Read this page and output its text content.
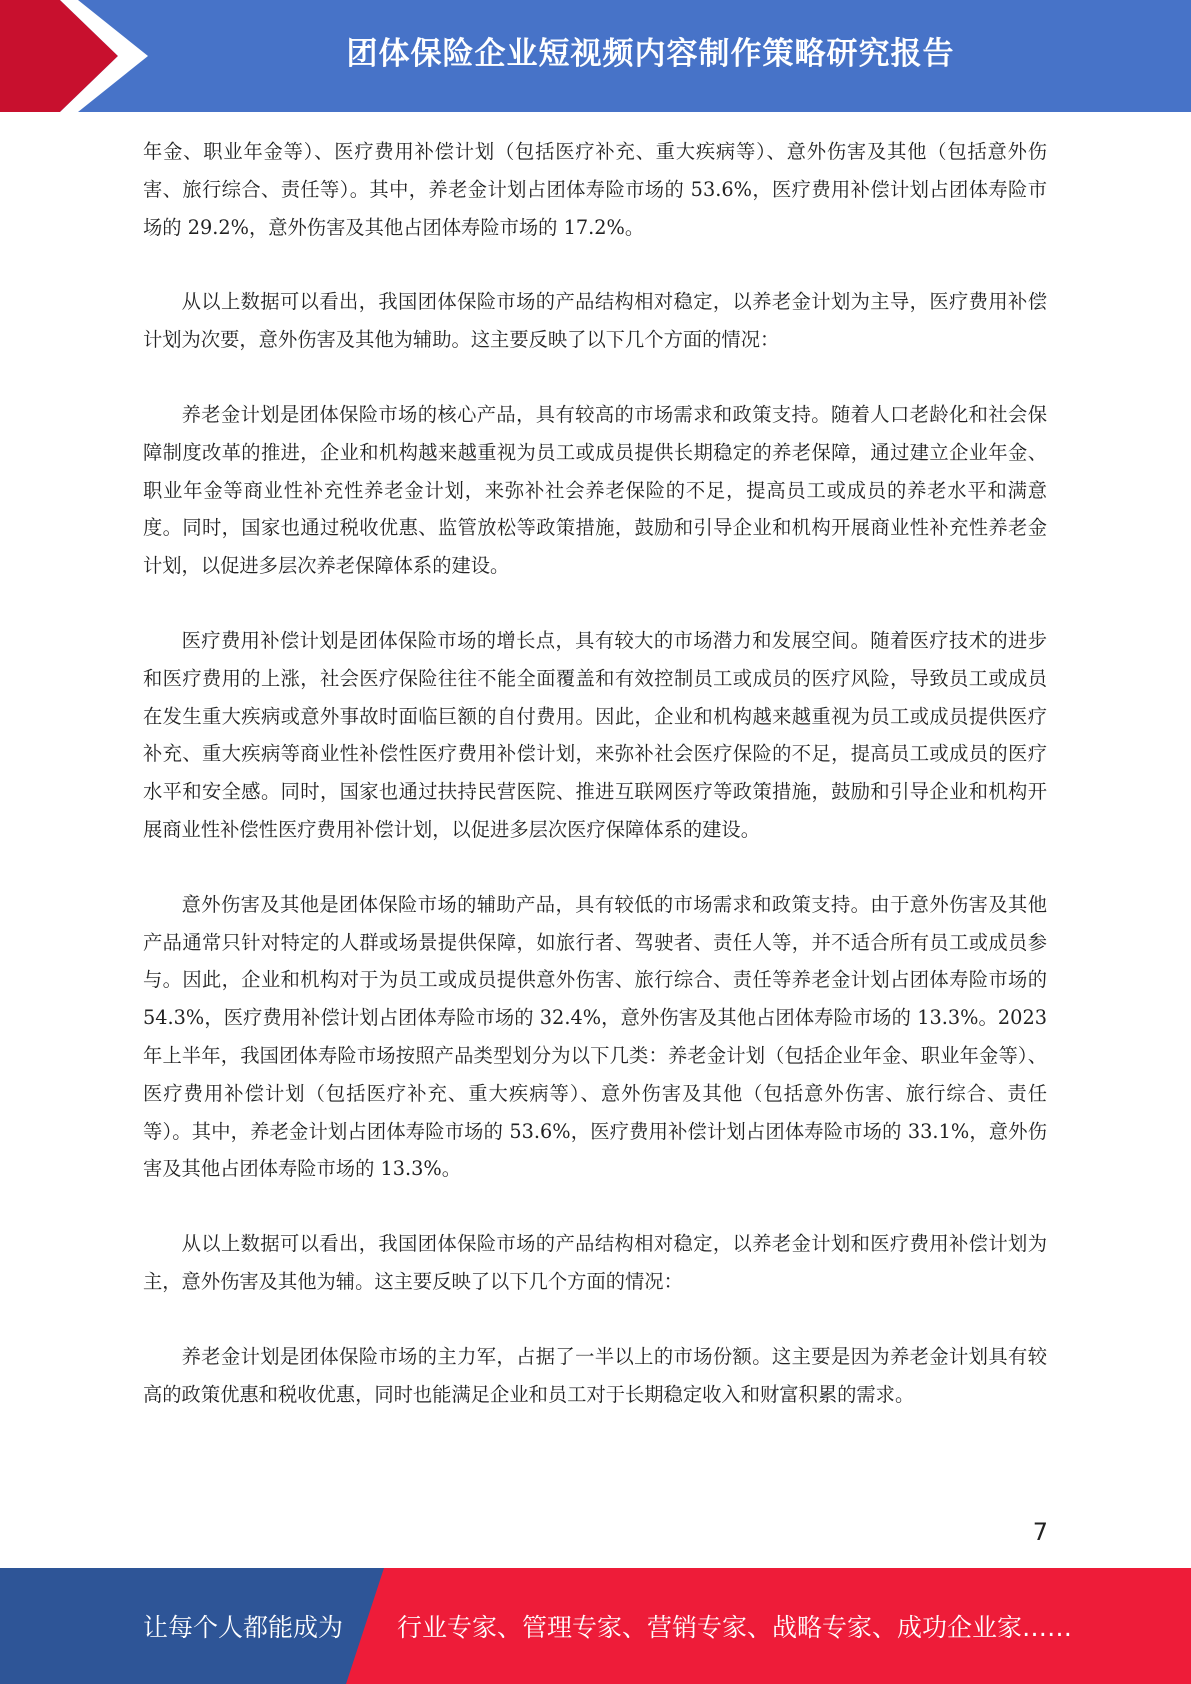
团体保险企业短视频内容制作策略研究报告

年金、职业年金等）、医疗费用补偿计划（包括医疗补充、重大疾病等）、意外伤害及其他（包括意外伤害、旅行综合、责任等）。其中，养老金计划占团体寿险市场的 53.6%，医疗费用补偿计划占团体寿险市场的 29.2%，意外伤害及其他占团体寿险市场的 17.2%。

从以上数据可以看出，我国团体保险市场的产品结构相对稳定，以养老金计划为主导，医疗费用补偿计划为次要，意外伤害及其他为辅助。这主要反映了以下几个方面的情况：

养老金计划是团体保险市场的核心产品，具有较高的市场需求和政策支持。随着人口老龄化和社会保障制度改革的推进，企业和机构越来越重视为员工或成员提供长期稳定的养老保障，通过建立企业年金、职业年金等商业性补充性养老金计划，来弥补社会养老保险的不足，提高员工或成员的养老水平和满意度。同时，国家也通过税收优惠、监管放松等政策措施，鼓励和引导企业和机构开展商业性补充性养老金计划，以促进多层次养老保障体系的建设。

医疗费用补偿计划是团体保险市场的增长点，具有较大的市场潜力和发展空间。随着医疗技术的进步和医疗费用的上涨，社会医疗保险往往不能全面覆盖和有效控制员工或成员的医疗风险，导致员工或成员在发生重大疾病或意外事故时面临巨额的自付费用。因此，企业和机构越来越重视为员工或成员提供医疗补充、重大疾病等商业性补偿性医疗费用补偿计划，来弥补社会医疗保险的不足，提高员工或成员的医疗水平和安全感。同时，国家也通过扶持民营医院、推进互联网医疗等政策措施，鼓励和引导企业和机构开展商业性补偿性医疗费用补偿计划，以促进多层次医疗保障体系的建设。

意外伤害及其他是团体保险市场的辅助产品，具有较低的市场需求和政策支持。由于意外伤害及其他产品通常只针对特定的人群或场景提供保障，如旅行者、驾驶者、责任人等，并不适合所有员工或成员参与。因此，企业和机构对于为员工或成员提供意外伤害、旅行综合、责任等养老金计划占团体寿险市场的 54.3%，医疗费用补偿计划占团体寿险市场的 32.4%，意外伤害及其他占团体寿险市场的 13.3%。2023 年上半年，我国团体寿险市场按照产品类型划分为以下几类：养老金计划（包括企业年金、职业年金等）、医疗费用补偿计划（包括医疗补充、重大疾病等）、意外伤害及其他（包括意外伤害、旅行综合、责任等）。其中，养老金计划占团体寿险市场的 53.6%，医疗费用补偿计划占团体寿险市场的 33.1%，意外伤害及其他占团体寿险市场的 13.3%。

从以上数据可以看出，我国团体保险市场的产品结构相对稳定，以养老金计划和医疗费用补偿计划为主，意外伤害及其他为辅。这主要反映了以下几个方面的情况：

养老金计划是团体保险市场的主力军，占据了一半以上的市场份额。这主要是因为养老金计划具有较高的政策优惠和税收优惠，同时也能满足企业和员工对于长期稳定收入和财富积累的需求。

7
让每个人都能成为 行业专家、管理专家、营销专家、战略专家、成功企业家……
